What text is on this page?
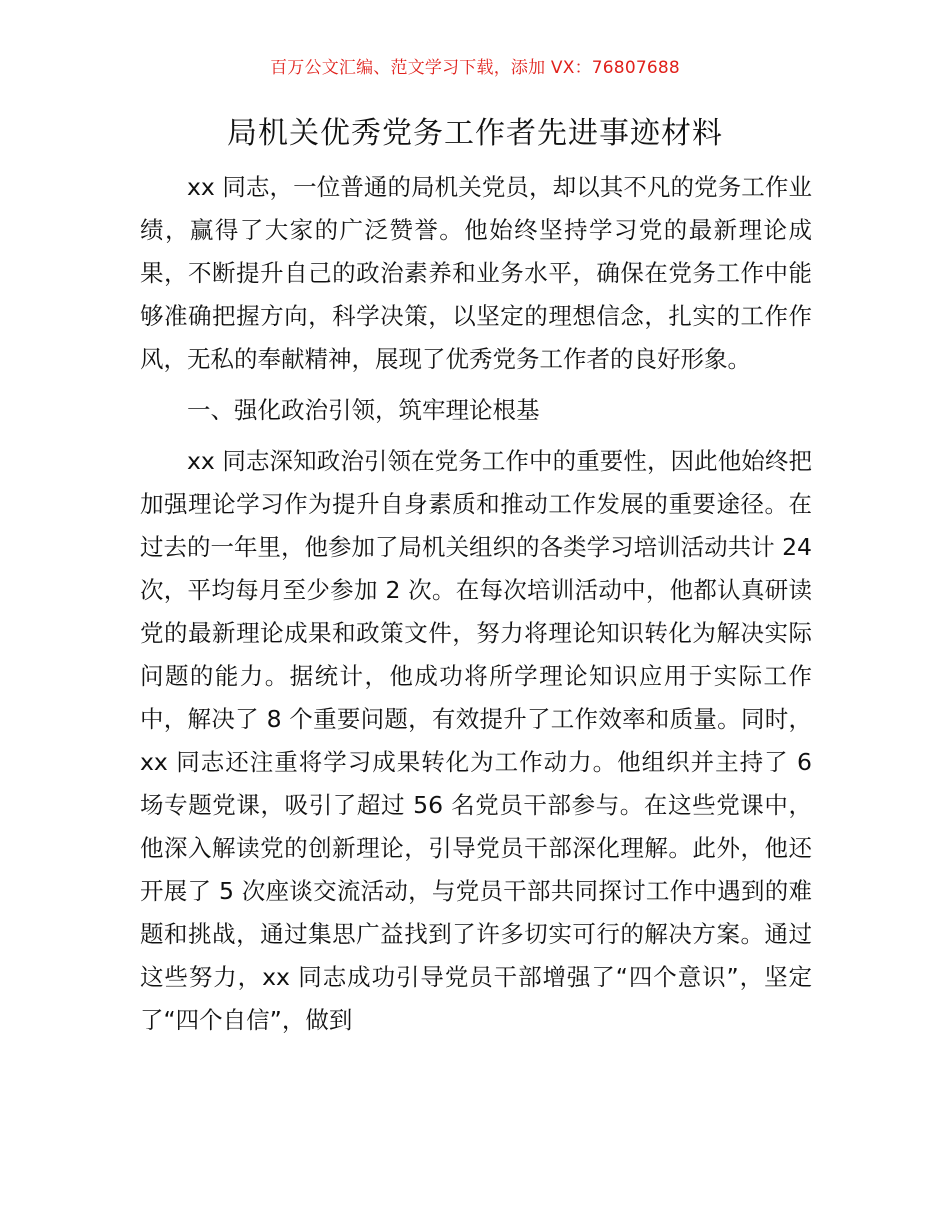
百万公文汇编、范文学习下载，添加 VX：76807688
局机关优秀党务工作者先进事迹材料

xx 同志，一位普通的局机关党员，却以其不凡的党务工作业绩，赢得了大家的广泛赞誉。他始终坚持学习党的最新理论成果，不断提升自己的政治素养和业务水平，确保在党务工作中能够准确把握方向，科学决策，以坚定的理想信念，扎实的工作作风，无私的奉献精神，展现了优秀党务工作者的良好形象。

一、强化政治引领，筑牢理论根基

xx 同志深知政治引领在党务工作中的重要性，因此他始终把加强理论学习作为提升自身素质和推动工作发展的重要途径。在过去的一年里，他参加了局机关组织的各类学习培训活动共计 24 次，平均每月至少参加 2 次。在每次培训活动中，他都认真研读党的最新理论成果和政策文件，努力将理论知识转化为解决实际问题的能力。据统计，他成功将所学理论知识应用于实际工作中，解决了 8 个重要问题，有效提升了工作效率和质量。同时，xx 同志还注重将学习成果转化为工作动力。他组织并主持了 6 场专题党课，吸引了超过 56 名党员干部参与。在这些党课中，他深入解读党的创新理论，引导党员干部深化理解。此外，他还开展了 5 次座谈交流活动，与党员干部共同探讨工作中遇到的难题和挑战，通过集思广益找到了许多切实可行的解决方案。通过这些努力，xx 同志成功引导党员干部增强了“四个意识”，坚定了“四个自信”，做到
